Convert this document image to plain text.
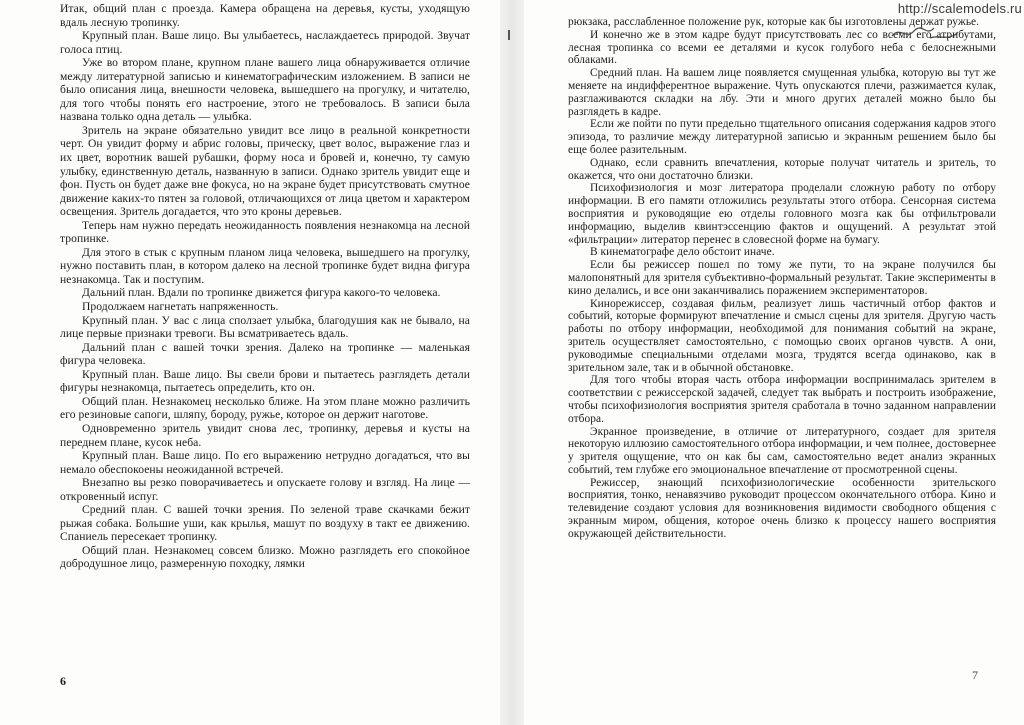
Итак, общий план с проезда. Камера обращена на деревья, кусты, уходящую вдаль лесную тропинку.

Крупный план. Ваше лицо. Вы улыбаетесь, наслаждаетесь природой. Звучат голоса птиц.

Уже во втором плане, крупном плане вашего лица обнаруживается отличие между литературной записью и кинематографическим изложением. В записи не было описания лица, внешности человека, вышедшего на прогулку, и читателю, для того чтобы понять его настроение, этого не требовалось. В записи была названа только одна деталь — улыбка.

Зритель на экране обязательно увидит все лицо в реальной конкретности черт. Он увидит форму и абрис головы, прическу, цвет волос, выражение глаз и их цвет, воротник вашей рубашки, форму носа и бровей и, конечно, ту самую улыбку, единственную деталь, названную в записи. Однако зритель увидит еще и фон. Пусть он будет даже вне фокуса, но на экране будет присутствовать смутное движение каких-то пятен за головой, отличающихся от лица цветом и характером освещения. Зритель догадается, что это кроны деревьев.

Теперь нам нужно передать неожиданность появления незнакомца на лесной тропинке.

Для этого в стык с крупным планом лица человека, вышедшего на прогулку, нужно поставить план, в котором далеко на лесной тропинке будет видна фигура незнакомца. Так и поступим.

Дальний план. Вдали по тропинке движется фигура какого-то человека.

Продолжаем нагнетать напряженность.

Крупный план. У вас с лица сползает улыбка, благодушия как не бывало, на лице первые признаки тревоги. Вы всматриваетесь вдаль.

Дальний план с вашей точки зрения. Далеко на тропинке — маленькая фигура человека.

Крупный план. Ваше лицо. Вы свели брови и пытаетесь разглядеть детали фигуры незнакомца, пытаетесь определить, кто он.

Общий план. Незнакомец несколько ближе. На этом плане можно различить его резиновые сапоги, шляпу, бороду, ружье, которое он держит наготове.

Одновременно зритель увидит снова лес, тропинку, деревья и кусты на переднем плане, кусок неба.

Крупный план. Ваше лицо. По его выражению нетрудно догадаться, что вы немало обеспокоены неожиданной встречей.

Внезапно вы резко поворачиваетесь и опускаете голову и взгляд. На лице — откровенный испуг.

Средний план. С вашей точки зрения. По зеленой траве скачками бежит рыжая собака. Большие уши, как крылья, машут по воздуху в такт ее движению. Спаниель пересекает тропинку.

Общий план. Незнакомец совсем близко. Можно разглядеть его спокойное добродушное лицо, размеренную походку, лямки

6

рюкзака, расслабленное положение рук, которые как бы изготовлены держат ружье.

И конечно же в этом кадре будут присутствовать лес со всеми его атрибутами, лесная тропинка со всеми ее деталями и кусок голубого неба с белоснежными облаками.

Средний план. На вашем лице появляется смущенная улыбка, которую вы тут же меняете на индифферентное выражение. Чуть опускаются плечи, разжимается кулак, разглаживаются складки на лбу. Эти и много других деталей можно было бы разглядеть в кадре.

Если же пойти по пути предельно тщательного описания содержания кадров этого эпизода, то различие между литературной записью и экранным решением было бы еще более разительным.

Однако, если сравнить впечатления, которые получат читатель и зритель, то окажется, что они достаточно близки.

Психофизиология и мозг литератора проделали сложную работу по отбору информации. В его памяти отложились результаты этого отбора. Сенсорная система восприятия и руководящие ею отделы головного мозга как бы отфильтровали информацию, выделив квинтэссенцию фактов и ощущений. А результат этой «фильтрации» литератор перенес в словесной форме на бумагу.

В кинематографе дело обстоит иначе.

Если бы режиссер пошел по тому же пути, то на экране получился бы малопонятный для зрителя субъективно-формальный результат. Такие эксперименты в кино делались, и все они заканчивались поражением экспериментаторов.

Кинорежиссер, создавая фильм, реализует лишь частичный отбор фактов и событий, которые формируют впечатление и смысл сцены для зрителя. Другую часть работы по отбору информации, необходимой для понимания событий на экране, зритель осуществляет самостоятельно, с помощью своих органов чувств. А они, руководимые специальными отделами мозга, трудятся всегда одинаково, как в зрительном зале, так и в обычной обстановке.

Для того чтобы вторая часть отбора информации воспринималась зрителем в соответствии с режиссерской задачей, следует так выбрать и построить изображение, чтобы психофизиология восприятия зрителя сработала в точно заданном направлении отбора.

Экранное произведение, в отличие от литературного, создает для зрителя некоторую иллюзию самостоятельного отбора информации, и чем полнее, достовернее у зрителя ощущение, что он как бы сам, самостоятельно ведет анализ экранных событий, тем глубже его эмоциональное впечатление от просмотренной сцены.

Режиссер, знающий психофизиологические особенности зрительского восприятия, тонко, ненавязчиво руководит процессом окончательного отбора. Кино и телевидение создают условия для возникновения видимости свободного общения с экранным миром, общения, которое очень близко к процессу нашего восприятия окружающей действительности.

7
http://scalemodels.ru
